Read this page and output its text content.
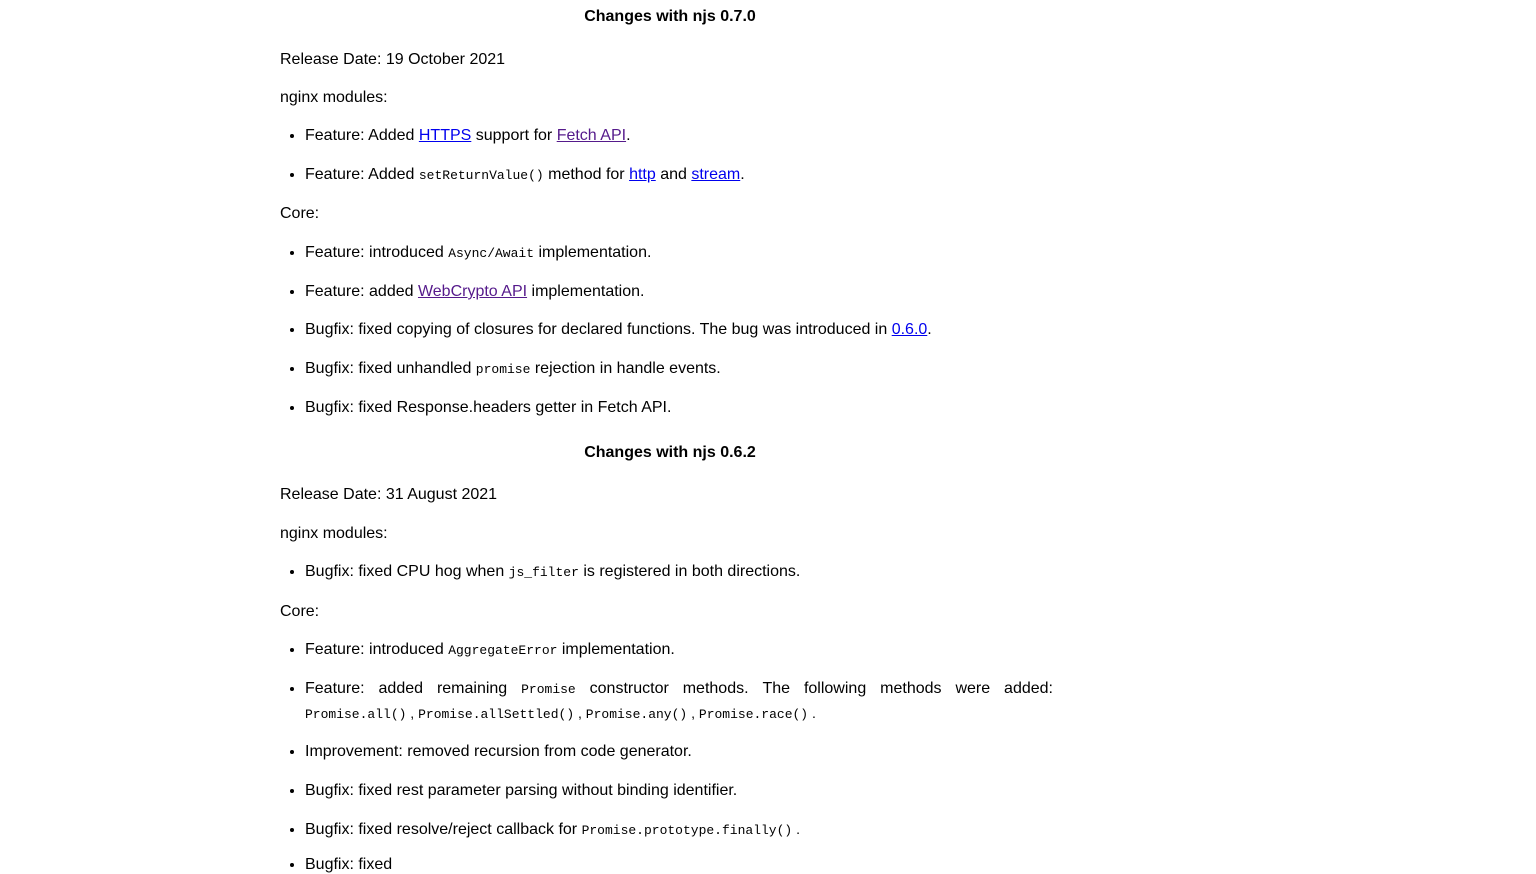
Changes with njs 0.7.0

Release Date: 19 October 2021

nginx modules:

• Feature: Added HTTPS support for Fetch API.
• Feature: Added setReturnValue() method for http and stream.

Core:

• Feature: introduced Async/Await implementation.
• Feature: added WebCrypto API implementation.
• Bugfix: fixed copying of closures for declared functions. The bug was introduced in 0.6.0.
• Bugfix: fixed unhandled promise rejection in handle events.
• Bugfix: fixed Response.headers getter in Fetch API.
Changes with njs 0.6.2

Release Date: 31 August 2021

nginx modules:

• Bugfix: fixed CPU hog when js_filter is registered in both directions.

Core:

• Feature: introduced AggregateError implementation.
• Feature: added remaining Promise constructor methods. The following methods were added:
Promise.all() , Promise.allSettled() , Promise.any() , Promise.race() .
• Improvement: removed recursion from code generator.
• Bugfix: fixed rest parameter parsing without binding identifier.
• Bugfix: fixed resolve/reject callback for Promise.prototype.finally() .
• Bugfix: fixed
